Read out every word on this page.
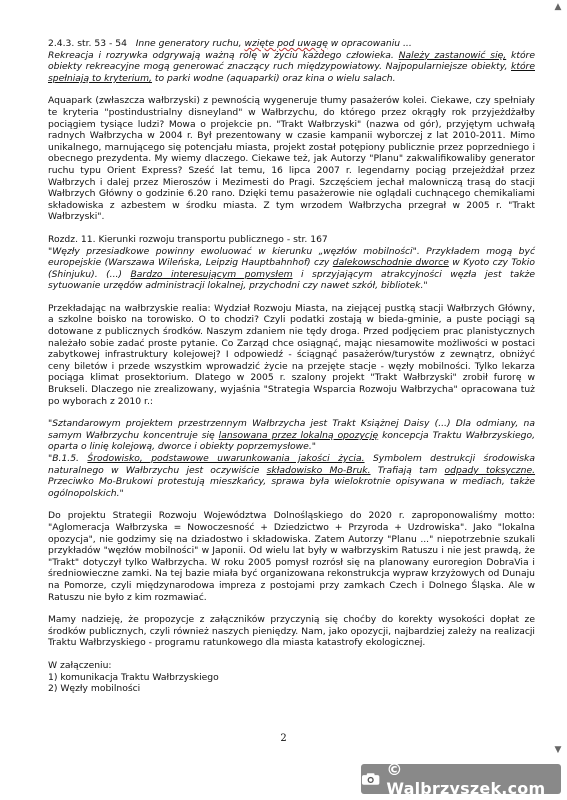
2.4.3. str. 53 - 54 Inne generatory ruchu, wzięte pod uwagę w opracowaniu ...
Rekreacja i rozrywka odgrywają ważną rolę w życiu każdego człowieka. Należy zastanowić się, które obiekty rekreacyjne mogą generować znaczący ruch międzypowiatowy. Najpopularniejsze obiekty, które spełniają to kryterium, to parki wodne (aquaparki) oraz kina o wielu salach.

Aquapark (zwłaszcza wałbrzyski) z pewnością wygeneruje tłumy pasażerów kolei. Ciekawe, czy spełniały te kryteria "postindustrialny disneyland" w Wałbrzychu, do którego przez okrągły rok przyjeżdżałby pociągiem tysiące ludzi? Mowa o projekcie pn. "Trakt Wałbrzyski" (nazwa od gór), przyjętym uchwałą radnych Wałbrzycha w 2004 r. Był prezentowany w czasie kampanii wyborczej z lat 2010-2011. Mimo unikalnego, marnującego się potencjału miasta, projekt został potępiony publicznie przez poprzedniego i obecnego prezydenta. My wiemy dlaczego. Ciekawe też, jak Autorzy "Planu" zakwalifikowaliby generator ruchu typu Orient Express? Sześć lat temu, 16 lipca 2007 r. legendarny pociąg przejeżdżał przez Wałbrzych i dalej przez Mieroszów i Mezimesti do Pragi. Szczęściem jechał malowniczą trasą do stacji Wałbrzych Główny o godzinie 6.20 rano. Dzięki temu pasażerowie nie oglądali cuchnącego chemikaliami składowiska z azbestem w środku miasta. Z tym wrzodem Wałbrzycha przegrał w 2005 r. "Trakt Wałbrzyski".

Rozdz. 11. Kierunki rozwoju transportu publicznego - str. 167
"Węzły przesiadkowe powinny ewoluować w kierunku „węzłów mobilności". Przykładem mogą być europejskie (Warszawa Wileńska, Leipzig Hauptbahnhof) czy dalekowschodnie dworce w Kyoto czy Tokio (Shinjuku). (...) Bardzo interesującym pomysłem i sprzyjającym atrakcyjności węzła jest także sytuowanie urzędów administracji lokalnej, przychodni czy nawet szkół, bibliotek."

Przekładając na wałbrzyskie realia: Wydział Rozwoju Miasta, na ziejącej pustką stacji Wałbrzych Główny, a szkolne boisko na torowisko. O to chodzi? Czyli podatki zostają w bieda-gminie, a puste pociągi są dotowane z publicznych środków. Naszym zdaniem nie tędy droga. Przed podjęciem prac planistycznych należało sobie zadać proste pytanie. Co Zarząd chce osiągnąć, mając niesamowite możliwości w postaci zabytkowej infrastruktury kolejowej? I odpowiedź - ściągnąć pasażerów/turystów z zewnątrz, obniżyć ceny biletów i przede wszystkim wprowadzić życie na przejęte stacje - węzły mobilności. Tylko lekarza pociąga klimat prosektorium. Dlatego w 2005 r. szalony projekt "Trakt Wałbrzyski" zrobił furorę w Brukseli. Dlaczego nie zrealizowany, wyjaśnia "Strategia Wsparcia Rozwoju Wałbrzycha" opracowana tuż po wyborach z 2010 r.:

"Sztandarowym projektem przestrzennym Wałbrzycha jest Trakt Książnej Daisy (...) Dla odmiany, na samym Wałbrzychu koncentruje się lansowana przez lokalną opozycję koncepcja Traktu Wałbrzyskiego, oparta o linię kolejową, dworce i obiekty poprzemysłowe."
"B.1.5. Środowisko, podstawowe uwarunkowania jakości życia. Symbolem destrukcji środowiska naturalnego w Wałbrzychu jest oczywiście składowisko Mo-Bruk. Trafiają tam odpady toksyczne. Przeciwko Mo-Brukowi protestują mieszkańcy, sprawa była wielokrotnie opisywana w mediach, także ogólnopolskich."

Do projektu Strategii Rozwoju Województwa Dolnośląskiego do 2020 r. zaproponowaliśmy motto: "Aglomeracja Wałbrzyska = Nowoczesność + Dziedzictwo + Przyroda + Uzdrowiska". Jako "lokalna opozycja", nie godzimy się na dziadostwo i składowiska. Zatem Autorzy "Planu ..." niepotrzebnie szukali przykładów "węzłów mobilności" w Japonii. Od wielu lat były w wałbrzyskim Ratuszu i nie jest prawdą, że "Trakt" dotyczył tylko Wałbrzycha. W roku 2005 pomysł rozrósł się na planowany euroregion DobraVia i średniowieczne zamki. Na tej bazie miała być organizowana rekonstrukcja wypraw krzyżowych od Dunaju na Pomorze, czyli międzynarodowa impreza z postojami przy zamkach Czech i Dolnego Śląska. Ale w Ratuszu nie było z kim rozmawiać.

Mamy nadzieję, że propozycje z załączników przyczynią się choćby do korekty wysokości dopłat ze środków publicznych, czyli również naszych pieniędzy. Nam, jako opozycji, najbardziej zależy na realizacji Traktu Wałbrzyskiego - programu ratunkowego dla miasta katastrofy ekologicznej.

W załączeniu:
1) komunikacja Traktu Wałbrzyskiego
2) Węzły mobilności
2
▲
▼
© Walbrzyszek.com
